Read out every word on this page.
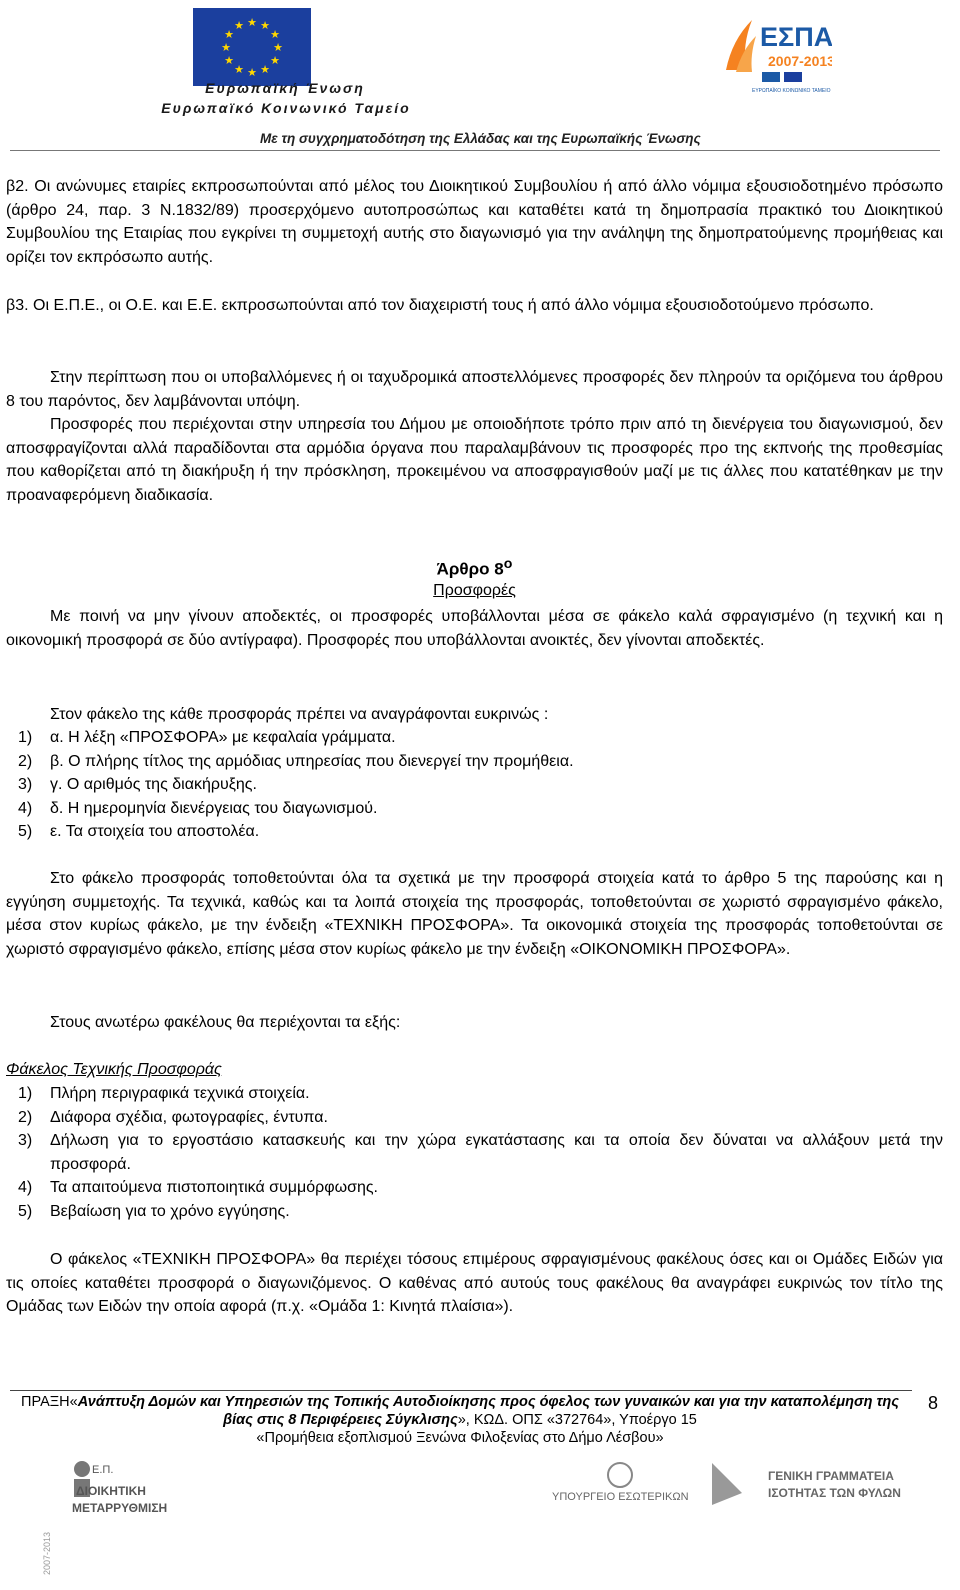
★ ★
★
★
★
★
★
★
★
★
★
★
Ευρωπαϊκή Ένωση
Ευρωπαϊκό Κοινωνικό Ταμείο
ΕΣΠΑ
2007-2013
ΕΥΡΩΠΑΪΚΟ ΚΟΙΝΩΝΙΚΟ ΤΑΜΕΙΟ
Με τη συγχρηματοδότηση της Ελλάδας και της Ευρωπαϊκής Ένωσης
β2. Οι ανώνυμες εταιρίες εκπροσωπούνται από μέλος του Διοικητικού Συμβουλίου ή από άλλο νόμιμα εξουσιοδοτημένο πρόσωπο (άρθρο 24, παρ. 3 Ν.1832/89) προσερχόμενο αυτοπροσώπως και καταθέτει κατά τη δημοπρασία πρακτικό του Διοικητικού Συμβουλίου της Εταιρίας που εγκρίνει τη συμμετοχή αυτής στο διαγωνισμό για την ανάληψη της δημοπρατούμενης προμήθειας και ορίζει τον εκπρόσωπο αυτής.
β3. Οι Ε.Π.Ε., οι Ο.Ε. και Ε.Ε. εκπροσωπούνται από τον διαχειριστή τους ή από άλλο νόμιμα εξουσιοδοτούμενο πρόσωπο.
Στην περίπτωση που οι υποβαλλόμενες ή οι ταχυδρομικά αποστελλόμενες προσφορές δεν πληρούν τα οριζόμενα του άρθρου 8 του παρόντος, δεν λαμβάνονται υπόψη.
Προσφορές που περιέχονται στην υπηρεσία του Δήμου με οποιοδήποτε τρόπο πριν από τη διενέργεια του διαγωνισμού, δεν αποσφραγίζονται αλλά παραδίδονται στα αρμόδια όργανα που παραλαμβάνουν τις προσφορές προ της εκπνοής της προθεσμίας που καθορίζεται από τη διακήρυξη ή την πρόσκληση, προκειμένου να αποσφραγισθούν μαζί με τις άλλες που κατατέθηκαν με την προαναφερόμενη διαδικασία.
Άρθρο $8^o$
Προσφορές
Με ποινή να μην γίνουν αποδεκτές, οι προσφορές υποβάλλονται μέσα σε φάκελο καλά σφραγισμένο (η τεχνική και η οικονομική προσφορά σε δύο αντίγραφα). Προσφορές που υποβάλλονται ανοικτές, δεν γίνονται αποδεκτές.
Στον φάκελο της κάθε προσφοράς πρέπει να αναγράφονται ευκρινώς :
1) α. Η λέξη «ΠΡΟΣΦΟΡΑ» με κεφαλαία γράμματα.
2) β. Ο πλήρης τίτλος της αρμόδιας υπηρεσίας που διενεργεί την προμήθεια.
3) γ. Ο αριθμός της διακήρυξης.
4) δ. Η ημερομηνία διενέργειας του διαγωνισμού.
5) ε. Τα στοιχεία του αποστολέα.
Στο φάκελο προσφοράς τοποθετούνται όλα τα σχετικά με την προσφορά στοιχεία κατά το άρθρο 5 της παρούσης και η εγγύηση συμμετοχής. Τα τεχνικά, καθώς και τα λοιπά στοιχεία της προσφοράς, τοποθετούνται σε χωριστό σφραγισμένο φάκελο, μέσα στον κυρίως φάκελο, με την ένδειξη «ΤΕΧΝΙΚΗ ΠΡΟΣΦΟΡΑ». Τα οικονομικά στοιχεία της προσφοράς τοποθετούνται σε χωριστό σφραγισμένο φάκελο, επίσης μέσα στον κυρίως φάκελο με την ένδειξη «ΟΙΚΟΝΟΜΙΚΗ ΠΡΟΣΦΟΡΑ».
Στους ανωτέρω φακέλους θα περιέχονται τα εξής:
Φάκελος Τεχνικής Προσφοράς
1) Πλήρη περιγραφικά τεχνικά στοιχεία.
2) Διάφορα σχέδια, φωτογραφίες, έντυπα.
3) Δήλωση για το εργοστάσιο κατασκευής και την χώρα εγκατάστασης και τα οποία δεν δύναται να αλλάξουν μετά την προσφορά.
4) Τα απαιτούμενα πιστοποιητικά συμμόρφωσης.
5) Βεβαίωση για το χρόνο εγγύησης.
Ο φάκελος «ΤΕΧΝΙΚΗ ΠΡΟΣΦΟΡΑ» θα περιέχει τόσους επιμέρους σφραγισμένους φακέλους όσες και οι Ομάδες Ειδών για τις οποίες καταθέτει προσφορά ο διαγωνιζόμενος. Ο καθένας από αυτούς τους φακέλους θα αναγράφει ευκρινώς τον τίτλο της Ομάδας των Ειδών την οποία αφορά (π.χ. «Ομάδα 1: Κινητά πλαίσια»).
ΠΡΑΞΗ«Ανάπτυξη Δομών και Υπηρεσιών της Τοπικής Αυτοδιοίκησης προς όφελος των γυναικών και για την καταπολέμηση της βίας στις 8 Περιφέρειες Σύγκλισης», ΚΩΔ. ΟΠΣ «372764», Υποέργο 15
«Προμήθεια εξοπλισμού Ξενώνα Φιλοξενίας στο Δήμο Λέσβου»
8
2007-2013
Ε.Π.
ΔΙΟΙΚΗΤΙΚΗ
ΜΕΤΑΡΡΥΘΜΙΣΗ
ΥΠΟΥΡΓΕΙΟ ΕΣΩΤΕΡΙΚΩΝ
ΓΕΝΙΚΗ ΓΡΑΜΜΑΤΕΙΑ
ΙΣΟΤΗΤΑΣ ΤΩΝ ΦΥΛΩΝ
